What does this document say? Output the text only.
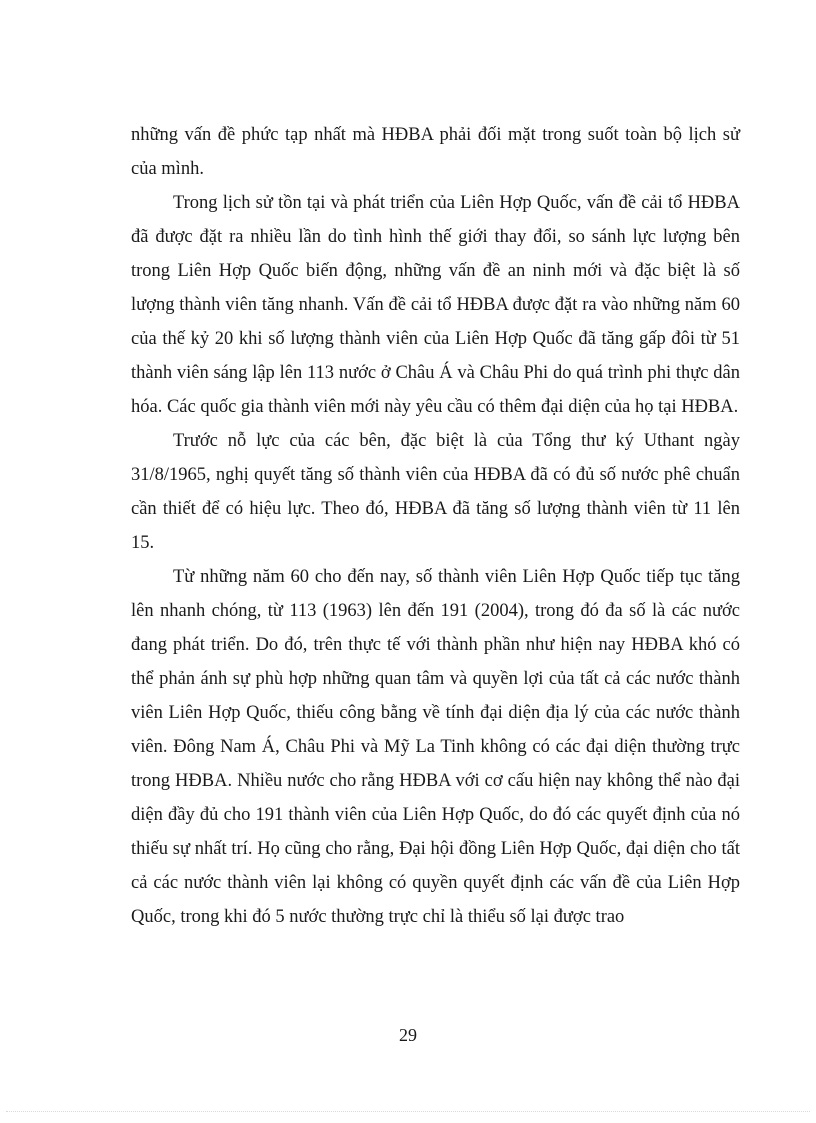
những vấn đề phức tạp nhất mà HĐBA phải đối mặt trong suốt toàn bộ lịch sử của mình.

Trong lịch sử tồn tại và phát triển của Liên Hợp Quốc, vấn đề cải tổ HĐBA đã được đặt ra nhiều lần do tình hình thế giới thay đổi, so sánh lực lượng bên trong Liên Hợp Quốc biến động, những vấn đề an ninh mới và đặc biệt là số lượng thành viên tăng nhanh. Vấn đề cải tổ HĐBA được đặt ra vào những năm 60 của thế kỷ 20 khi số lượng thành viên của Liên Hợp Quốc đã tăng gấp đôi từ 51 thành viên sáng lập lên 113 nước ở Châu Á và Châu Phi do quá trình phi thực dân hóa. Các quốc gia thành viên mới này yêu cầu có thêm đại diện của họ tại HĐBA.

Trước nỗ lực của các bên, đặc biệt là của Tổng thư ký Uthant ngày 31/8/1965, nghị quyết tăng số thành viên của HĐBA đã có đủ số nước phê chuẩn cần thiết để có hiệu lực. Theo đó, HĐBA đã tăng số lượng thành viên từ 11 lên 15.

Từ những năm 60 cho đến nay, số thành viên Liên Hợp Quốc tiếp tục tăng lên nhanh chóng, từ 113 (1963) lên đến 191 (2004), trong đó đa số là các nước đang phát triển. Do đó, trên thực tế với thành phần như hiện nay HĐBA khó có thể phản ánh sự phù hợp những quan tâm và quyền lợi của tất cả các nước thành viên Liên Hợp Quốc, thiếu công bằng về tính đại diện địa lý của các nước thành viên. Đông Nam Á, Châu Phi và Mỹ La Tinh không có các đại diện thường trực trong HĐBA. Nhiều nước cho rằng HĐBA với cơ cấu hiện nay không thể nào đại diện đầy đủ cho 191 thành viên của Liên Hợp Quốc, do đó các quyết định của nó thiếu sự nhất trí. Họ cũng cho rằng, Đại hội đồng Liên Hợp Quốc, đại diện cho tất cả các nước thành viên lại không có quyền quyết định các vấn đề của Liên Hợp Quốc, trong khi đó 5 nước thường trực chỉ là thiểu số lại được trao

29
